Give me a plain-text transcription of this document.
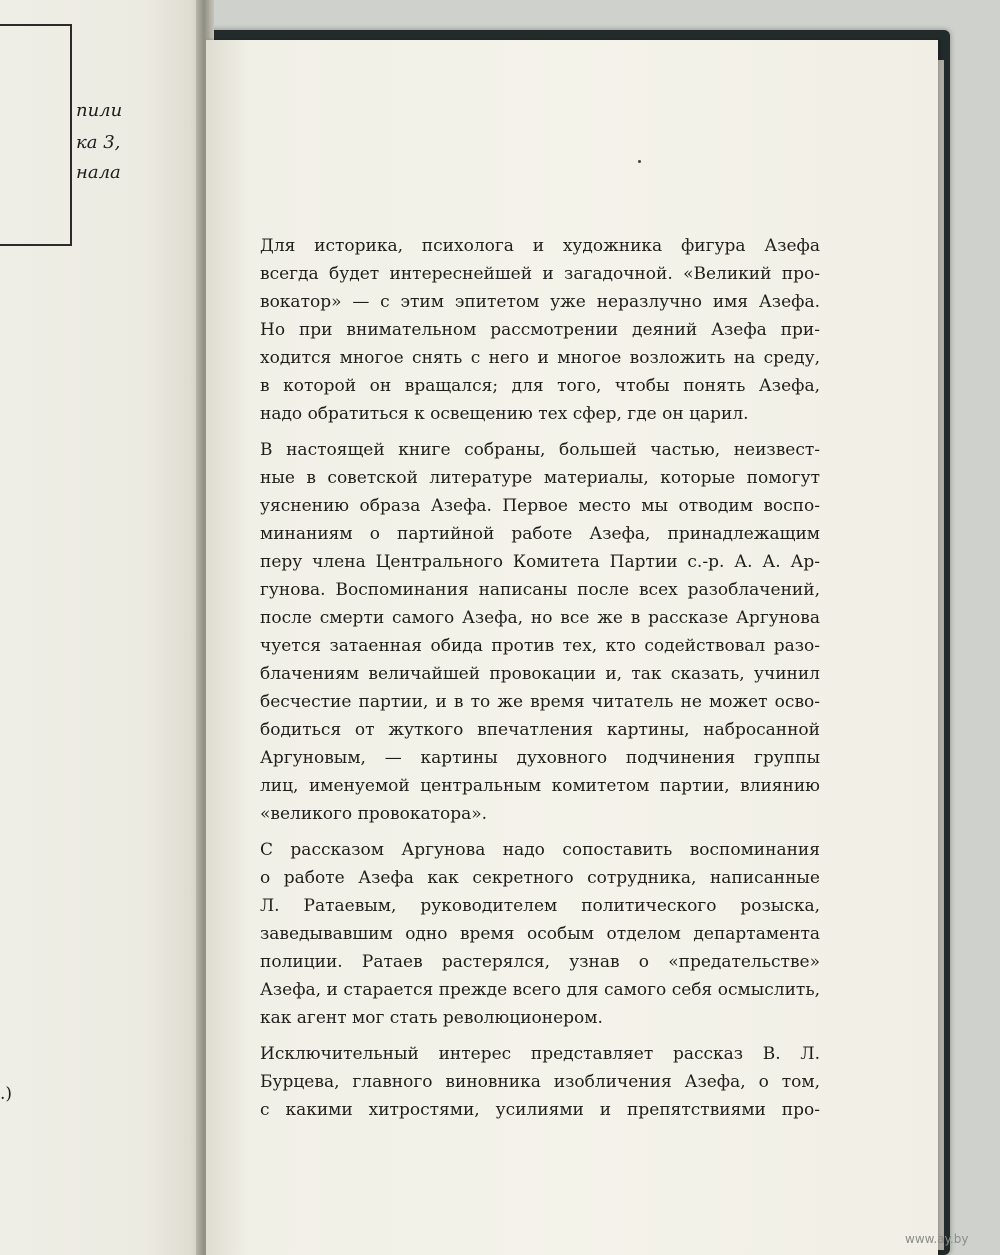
пили
ка 3,
нала
.)
Для историка, психолога и художника фигура Азефа
всегда будет интереснейшей и загадочной. «Великий про-
вокатор» — с этим эпитетом уже неразлучно имя Азефа.
Но при внимательном рассмотрении деяний Азефа при-
ходится многое снять с него и многое возложить на среду,
в которой он вращался; для того, чтобы понять Азефа,
надо обратиться к освещению тех сфер, где он царил.
В настоящей книге собраны, большей частью, неизвест-
ные в советской литературе материалы, которые помогут
уяснению образа Азефа. Первое место мы отводим воспо-
минаниям о партийной работе Азефа, принадлежащим
перу члена Центрального Комитета Партии с.-р. А. А. Ар-
гунова. Воспоминания написаны после всех разоблачений,
после смерти самого Азефа, но все же в рассказе Аргунова
чуется затаенная обида против тех, кто содействовал разо-
блачениям величайшей провокации и, так сказать, учинил
бесчестие партии, и в то же время читатель не может осво-
бодиться от жуткого впечатления картины, набросанной
Аргуновым, — картины духовного подчинения группы
лиц, именуемой центральным комитетом партии, влиянию
«великого провокатора».
С рассказом Аргунова надо сопоставить воспоминания
о работе Азефа как секретного сотрудника, написанные
Л. Ратаевым, руководителем политического розыска,
заведывавшим одно время особым отделом департамента
полиции. Ратаев растерялся, узнав о «предательстве»
Азефа, и старается прежде всего для самого себя осмыслить,
как агент мог стать революционером.
Исключительный интерес представляет рассказ В. Л.
Бурцева, главного виновника изобличения Азефа, о том,
с какими хитростями, усилиями и препятствиями про-
www.ay.by
